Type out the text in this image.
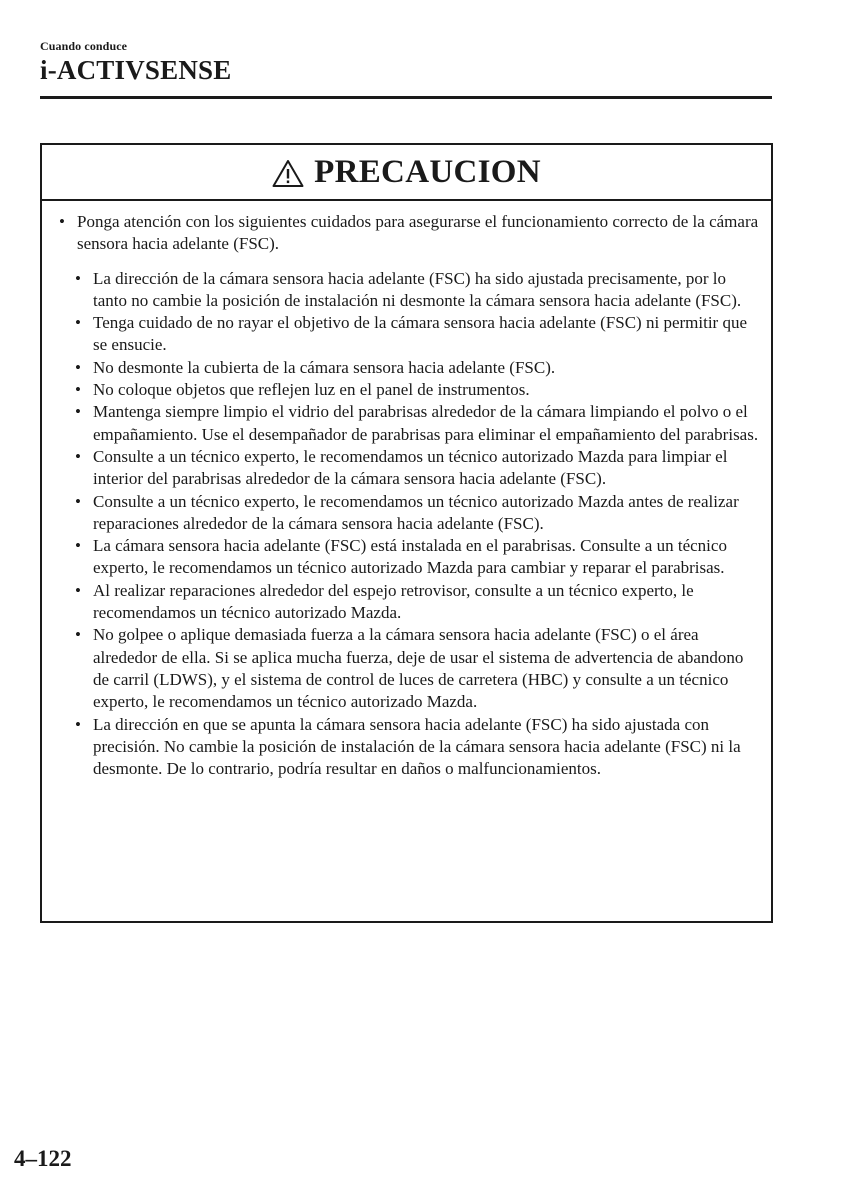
Cuando conduce
i-ACTIVSENSE
PRECAUCION
• Ponga atención con los siguientes cuidados para asegurarse el funcionamiento correcto de la cámara sensora hacia adelante (FSC).
• La dirección de la cámara sensora hacia adelante (FSC) ha sido ajustada precisamente, por lo tanto no cambie la posición de instalación ni desmonte la cámara sensora hacia adelante (FSC).
• Tenga cuidado de no rayar el objetivo de la cámara sensora hacia adelante (FSC) ni permitir que se ensucie.
• No desmonte la cubierta de la cámara sensora hacia adelante (FSC).
• No coloque objetos que reflejen luz en el panel de instrumentos.
• Mantenga siempre limpio el vidrio del parabrisas alrededor de la cámara limpiando el polvo o el empañamiento. Use el desempañador de parabrisas para eliminar el empañamiento del parabrisas.
• Consulte a un técnico experto, le recomendamos un técnico autorizado Mazda para limpiar el interior del parabrisas alrededor de la cámara sensora hacia adelante (FSC).
• Consulte a un técnico experto, le recomendamos un técnico autorizado Mazda antes de realizar reparaciones alrededor de la cámara sensora hacia adelante (FSC).
• La cámara sensora hacia adelante (FSC) está instalada en el parabrisas. Consulte a un técnico experto, le recomendamos un técnico autorizado Mazda para cambiar y reparar el parabrisas.
• Al realizar reparaciones alrededor del espejo retrovisor, consulte a un técnico experto, le recomendamos un técnico autorizado Mazda.
• No golpee o aplique demasiada fuerza a la cámara sensora hacia adelante (FSC) o el área alrededor de ella. Si se aplica mucha fuerza, deje de usar el sistema de advertencia de abandono de carril (LDWS), y el sistema de control de luces de carretera (HBC) y consulte a un técnico experto, le recomendamos un técnico autorizado Mazda.
• La dirección en que se apunta la cámara sensora hacia adelante (FSC) ha sido ajustada con precisión. No cambie la posición de instalación de la cámara sensora hacia adelante (FSC) ni la desmonte. De lo contrario, podría resultar en daños o malfuncionamientos.
4–122
